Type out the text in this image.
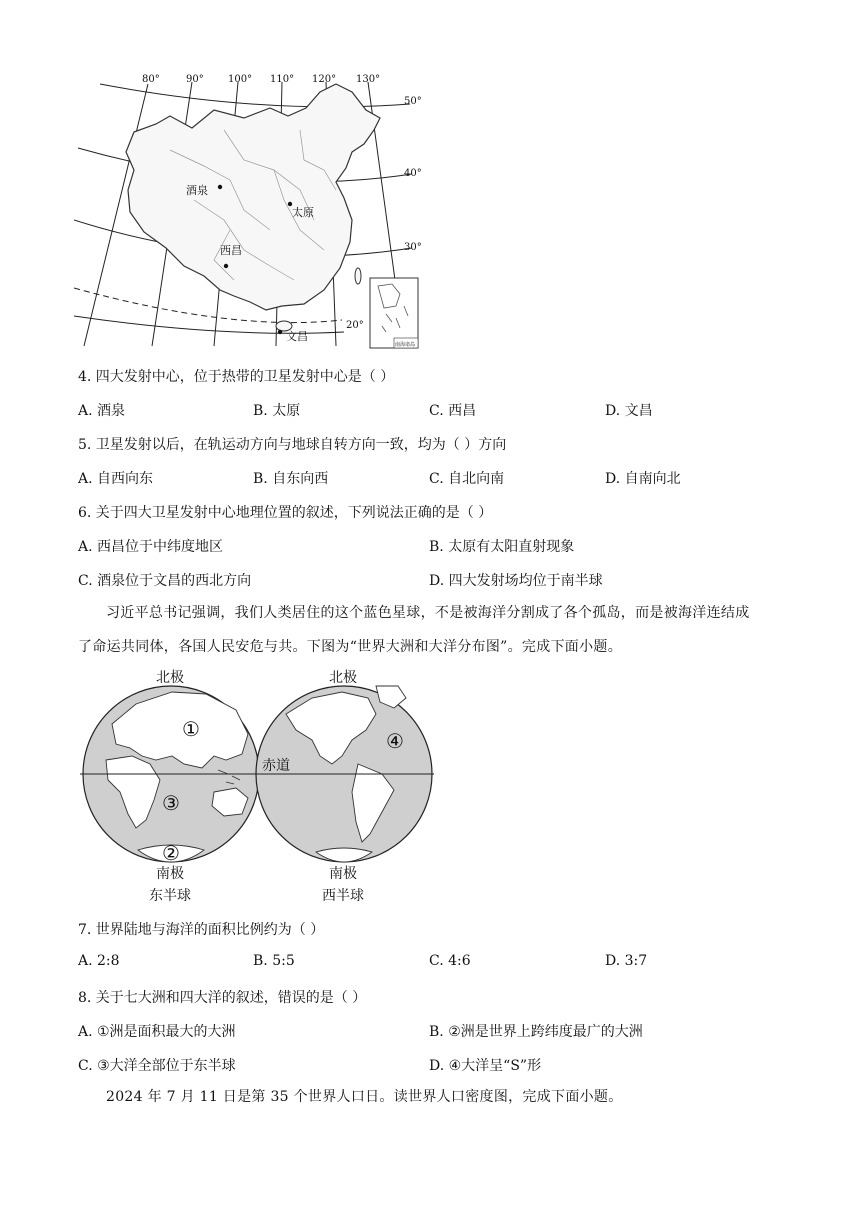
80°	90° 100° 110° 120° 130°
50°
40°
30°
20°
酒泉
太原
西昌
文昌
南海诸岛
4. 四大发射中心，位于热带的卫星发射中心是（ ）
A. 酒泉	B. 太原	C. 西昌	D. 文昌
5. 卫星发射以后，在轨运动方向与地球自转方向一致，均为（ ）方向
A. 自西向东	B. 自东向西	C. 自北向南	D. 自南向北
6. 关于四大卫星发射中心地理位置的叙述，下列说法正确的是（ ）
A. 西昌位于中纬度地区	B. 太原有太阳直射现象
C. 酒泉位于文昌的西北方向	D. 四大发射场均位于南半球
习近平总书记强调，我们人类居住的这个蓝色星球，不是被海洋分割成了各个孤岛，而是被海洋连结成
了命运共同体，各国人民安危与共。下图为“世界大洲和大洋分布图”。完成下面小题。
北极	北极
赤道
南极	南极
东半球	西半球
①
②
③
④
7. 世界陆地与海洋的面积比例约为（ ）
A. 2:8	B. 5:5	C. 4:6	D. 3:7
8. 关于七大洲和四大洋的叙述，错误的是（ ）
A. ①洲是面积最大的大洲	B. ②洲是世界上跨纬度最广的大洲
C. ③大洋全部位于东半球	D. ④大洋呈“S”形
2024 年 7 月 11 日是第 35 个世界人口日。读世界人口密度图，完成下面小题。
